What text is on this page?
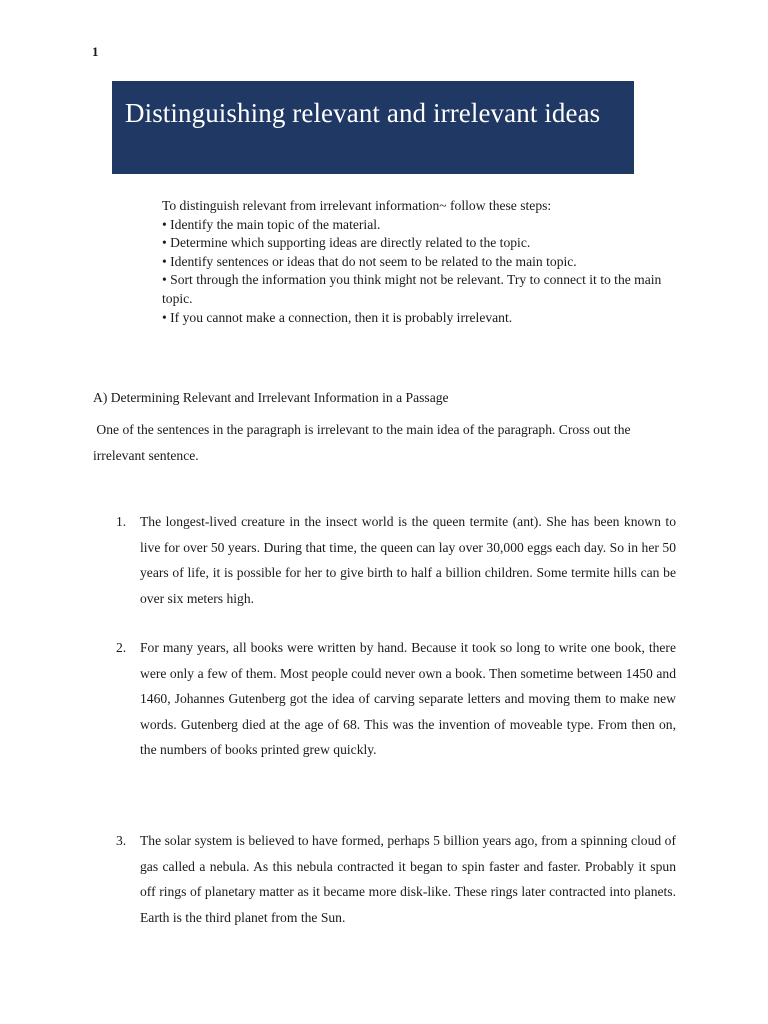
1
Distinguishing relevant and irrelevant ideas

To distinguish relevant from irrelevant information~ follow these steps:

• Identify the main topic of the material.

• Determine which supporting ideas are directly related to the topic.

• Identify sentences or ideas that do not seem to be related to the main topic.

• Sort through the information you think might not be relevant. Try to connect it to the main topic.

• If you cannot make a connection, then it is probably irrelevant.

A) Determining Relevant and Irrelevant Information in a Passage
One of the sentences in the paragraph is irrelevant to the main idea of the paragraph. Cross out the irrelevant sentence.
1. The longest-lived creature in the insect world is the queen termite (ant). She has been known to live for over 50 years. During that time, the queen can lay over 30,000 eggs each day. So in her 50 years of life, it is possible for her to give birth to half a billion children. Some termite hills can be over six meters high.
2. For many years, all books were written by hand. Because it took so long to write one book, there were only a few of them. Most people could never own a book. Then sometime between 1450 and 1460, Johannes Gutenberg got the idea of carving separate letters and moving them to make new words. Gutenberg died at the age of 68. This was the invention of moveable type. From then on, the numbers of books printed grew quickly.
3. The solar system is believed to have formed, perhaps 5 billion years ago, from a spinning cloud of gas called a nebula. As this nebula contracted it began to spin faster and faster. Probably it spun off rings of planetary matter as it became more disk-like. These rings later contracted into planets. Earth is the third planet from the Sun.
